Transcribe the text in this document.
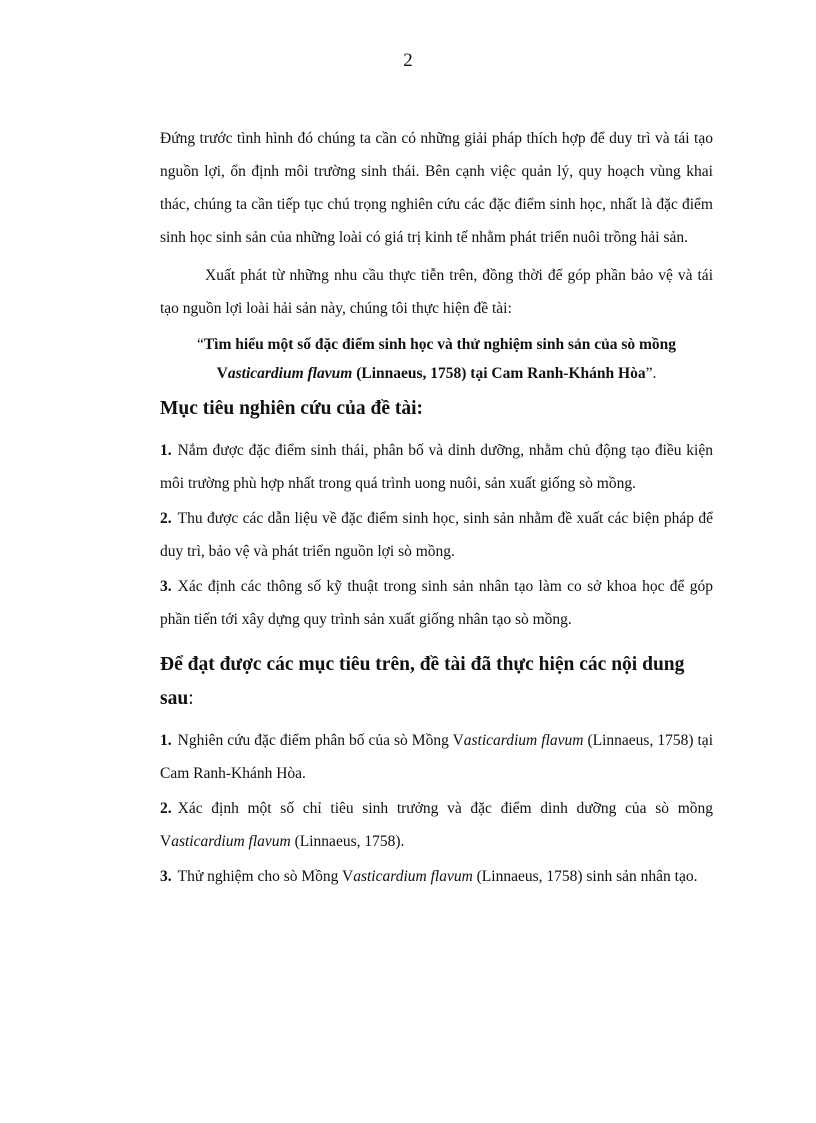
2

Đứng trước tình hình đó chúng ta cần có những giải pháp thích hợp để duy trì và tái tạo nguồn lợi, ổn định môi trường sinh thái. Bên cạnh việc quản lý, quy hoạch vùng khai thác, chúng ta cần tiếp tục chú trọng nghiên cứu các đặc điểm sinh học, nhất là đặc điểm sinh học sinh sản của những loài có giá trị kinh tế nhằm phát triển nuôi trồng hải sản.

Xuất phát từ những nhu cầu thực tiễn trên, đồng thời để góp phần bảo vệ và tái tạo nguồn lợi loài hải sản này, chúng tôi thực hiện đề tài:

“Tìm hiểu một số đặc điểm sinh học và thử nghiệm sinh sản của sò mồng Vasticardium flavum (Linnaeus, 1758) tại Cam Ranh-Khánh Hòa”.

Mục tiêu nghiên cứu của đề tài:

1. Nắm được đặc điểm sinh thái, phân bố và dinh dưỡng, nhằm chủ động tạo điều kiện môi trường phù hợp nhất trong quá trình uong nuôi, sản xuất giống sò mồng.

2. Thu được các dẫn liệu về đặc điểm sinh học, sinh sản nhằm đề xuất các biện pháp để duy trì, bảo vệ và phát triển nguồn lợi sò mồng.

3. Xác định các thông số kỹ thuật trong sinh sản nhân tạo làm co sở khoa học để góp phần tiến tới xây dựng quy trình sản xuất giống nhân tạo sò mồng.

Để đạt được các mục tiêu trên, đề tài đã thực hiện các nội dung sau:

1. Nghiên cứu đặc điểm phân bố của sò Mồng Vasticardium flavum (Linnaeus, 1758) tại Cam Ranh-Khánh Hòa.

2. Xác định một số chỉ tiêu sinh trưởng và đặc điểm dinh dưỡng của sò mồng Vasticardium flavum (Linnaeus, 1758).

3. Thử nghiệm cho sò Mồng Vasticardium flavum (Linnaeus, 1758) sinh sản nhân tạo.
